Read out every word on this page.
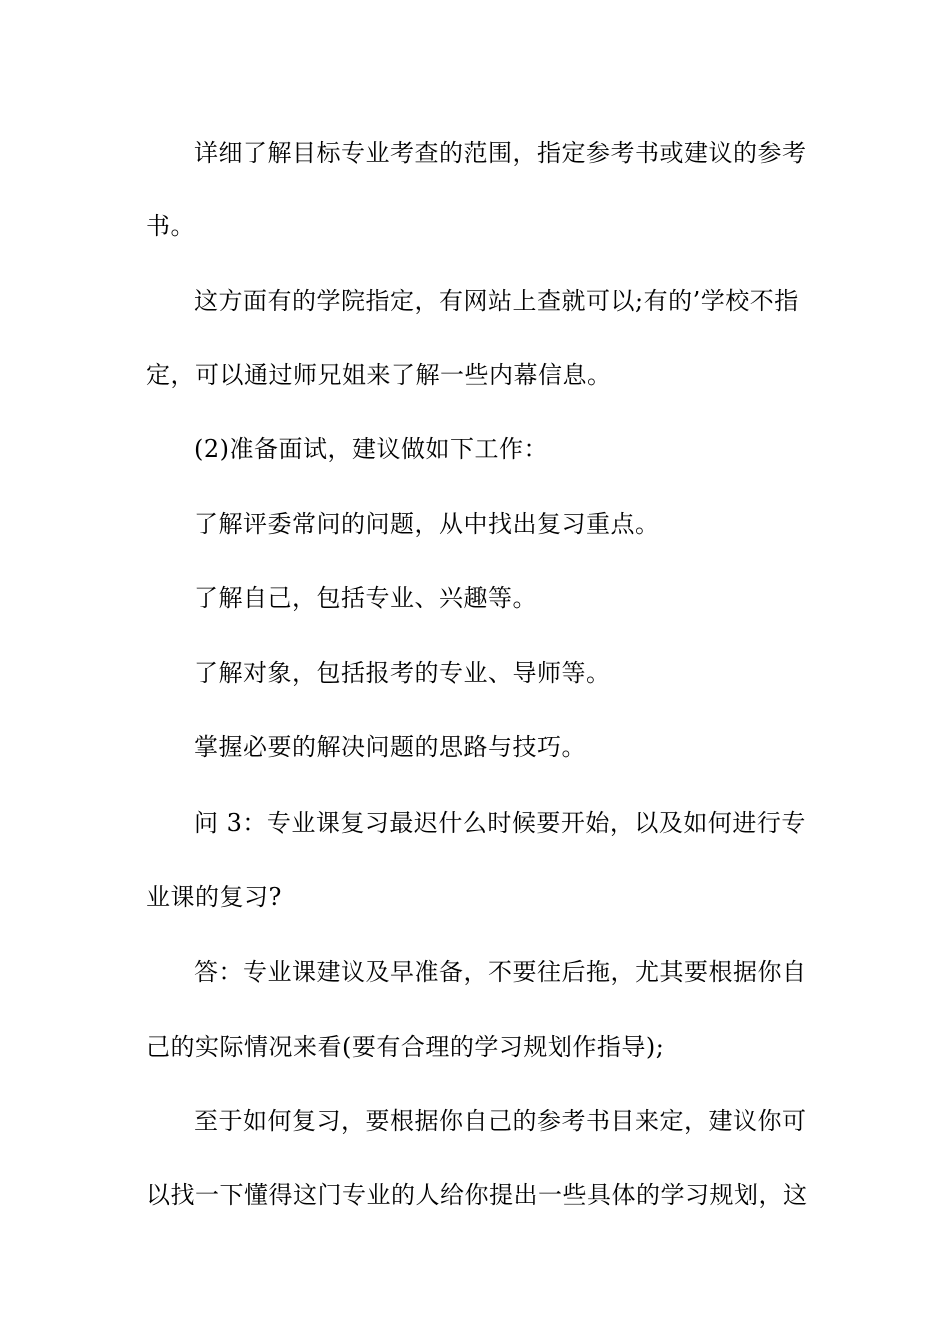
详细了解目标专业考查的范围，指定参考书或建议的参考
书。
这方面有的学院指定，有网站上查就可以;有的’学校不指
定，可以通过师兄姐来了解一些内幕信息。
(2)准备面试，建议做如下工作：
了解评委常问的问题，从中找出复习重点。
了解自己，包括专业、兴趣等。
了解对象，包括报考的专业、导师等。
掌握必要的解决问题的思路与技巧。
问 3：专业课复习最迟什么时候要开始，以及如何进行专
业课的复习?
答：专业课建议及早准备，不要往后拖，尤其要根据你自
己的实际情况来看(要有合理的学习规划作指导);
至于如何复习，要根据你自己的参考书目来定，建议你可
以找一下懂得这门专业的人给你提出一些具体的学习规划，这
